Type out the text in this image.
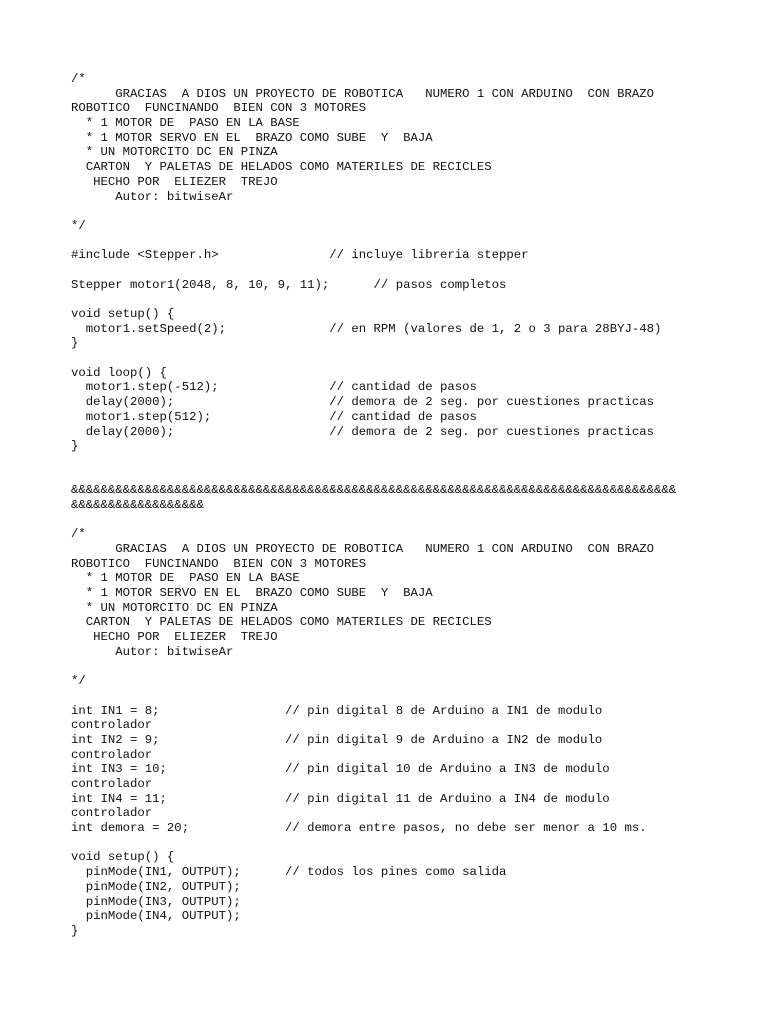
/*
GRACIAS  A DIOS UN PROYECTO DE ROBOTICA   NUMERO 1 CON ARDUINO  CON BRAZO
ROBOTICO  FUNCINANDO  BIEN CON 3 MOTORES
* 1 MOTOR DE  PASO EN LA BASE
* 1 MOTOR SERVO EN EL  BRAZO COMO SUBE  Y  BAJA
* UN MOTORCITO DC EN PINZA
CARTON  Y PALETAS DE HELADOS COMO MATERILES DE RECICLES
HECHO POR  ELIEZER  TREJO
Autor: bitwiseAr
*/
#include <Stepper.h>               // incluye libreria stepper
Stepper motor1(2048, 8, 10, 9, 11);      // pasos completos
void setup() {
motor1.setSpeed(2);              // en RPM (valores de 1, 2 o 3 para 28BYJ-48)
}
void loop() {
motor1.step(-512);               // cantidad de pasos
delay(2000);                     // demora de 2 seg. por cuestiones practicas
motor1.step(512);                // cantidad de pasos
delay(2000);                     // demora de 2 seg. por cuestiones practicas
}
&&&&&&&&&&&&&&&&&&&&&&&&&&&&&&&&&&&&&&&&&&&&&&&&&&&&&&&&&&&&&&&&&&&&&&&&&&&&&&&&&&
&&&&&&&&&&&&&&&&&&
/*
GRACIAS  A DIOS UN PROYECTO DE ROBOTICA   NUMERO 1 CON ARDUINO  CON BRAZO
ROBOTICO  FUNCINANDO  BIEN CON 3 MOTORES
* 1 MOTOR DE  PASO EN LA BASE
* 1 MOTOR SERVO EN EL  BRAZO COMO SUBE  Y  BAJA
* UN MOTORCITO DC EN PINZA
CARTON  Y PALETAS DE HELADOS COMO MATERILES DE RECICLES
HECHO POR  ELIEZER  TREJO
Autor: bitwiseAr
*/
int IN1 = 8;                 // pin digital 8 de Arduino a IN1 de modulo
controlador
int IN2 = 9;                 // pin digital 9 de Arduino a IN2 de modulo
controlador
int IN3 = 10;                // pin digital 10 de Arduino a IN3 de modulo
controlador
int IN4 = 11;                // pin digital 11 de Arduino a IN4 de modulo
controlador
int demora = 20;             // demora entre pasos, no debe ser menor a 10 ms.
void setup() {
pinMode(IN1, OUTPUT);      // todos los pines como salida
pinMode(IN2, OUTPUT);
pinMode(IN3, OUTPUT);
pinMode(IN4, OUTPUT);
}
